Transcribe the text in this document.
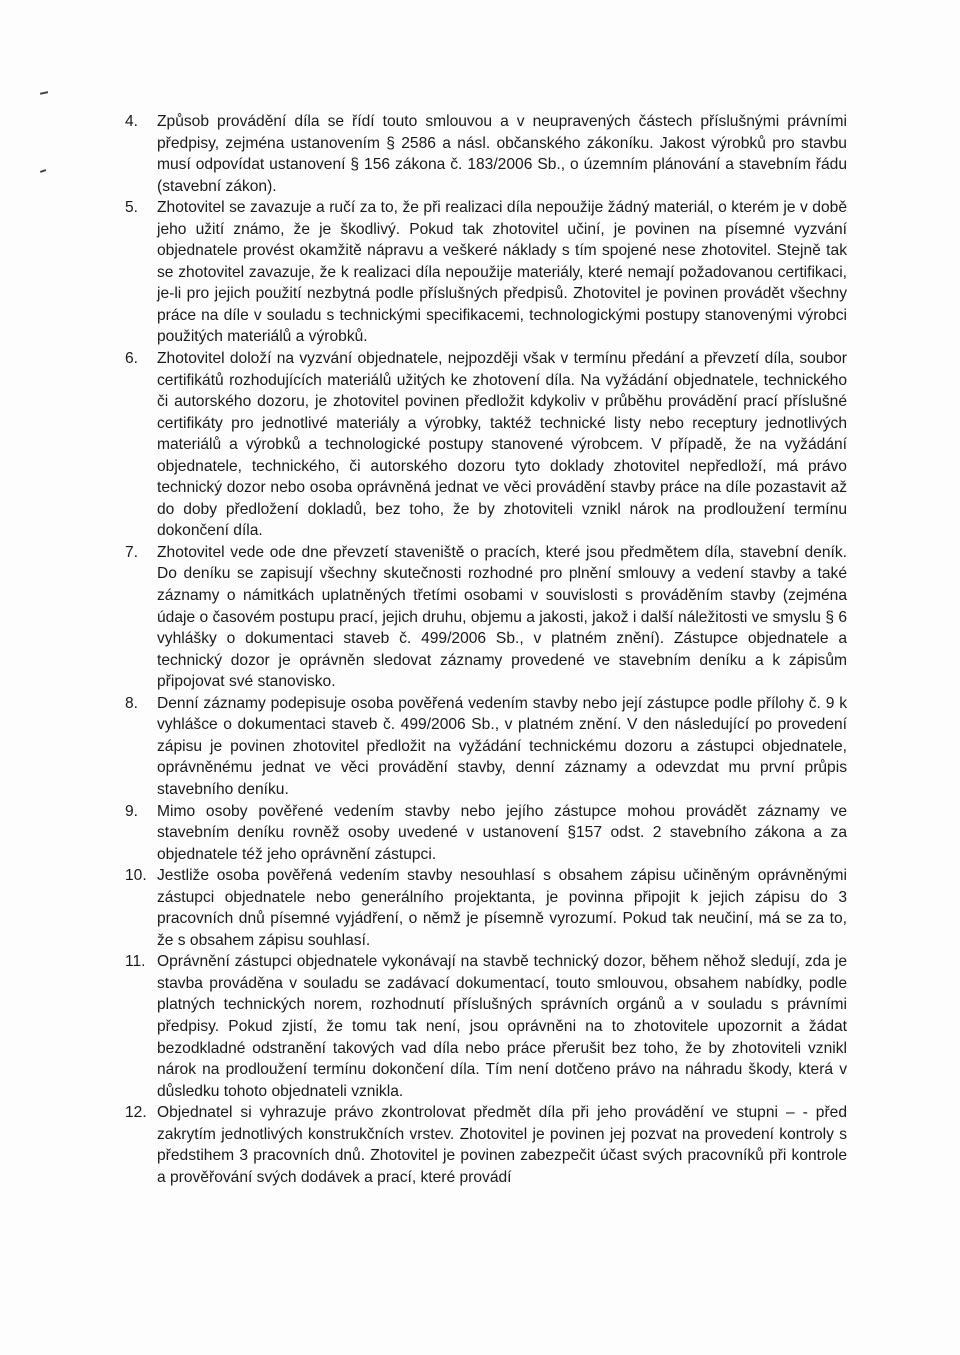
4. Způsob provádění díla se řídí touto smlouvou a v neupravených částech příslušnými právními předpisy, zejména ustanovením § 2586 a násl. občanského zákoníku. Jakost výrobků pro stavbu musí odpovídat ustanovení § 156 zákona č. 183/2006 Sb., o územním plánování a stavebním řádu (stavební zákon).
5. Zhotovitel se zavazuje a ručí za to, že při realizaci díla nepoužije žádný materiál, o kterém je v době jeho užití známo, že je škodlivý. Pokud tak zhotovitel učiní, je povinen na písemné vyzvání objednatele provést okamžitě nápravu a veškeré náklady s tím spojené nese zhotovitel. Stejně tak se zhotovitel zavazuje, že k realizaci díla nepoužije materiály, které nemají požadovanou certifikaci, je-li pro jejich použití nezbytná podle příslušných předpisů. Zhotovitel je povinen provádět všechny práce na díle v souladu s technickými specifikacemi, technologickými postupy stanovenými výrobci použitých materiálů a výrobků.
6. Zhotovitel doloží na vyzvání objednatele, nejpozději však v termínu předání a převzetí díla, soubor certifikátů rozhodujících materiálů užitých ke zhotovení díla. Na vyžádání objednatele, technického či autorského dozoru, je zhotovitel povinen předložit kdykoliv v průběhu provádění prací příslušné certifikáty pro jednotlivé materiály a výrobky, taktéž technické listy nebo receptury jednotlivých materiálů a výrobků a technologické postupy stanovené výrobcem. V případě, že na vyžádání objednatele, technického, či autorského dozoru tyto doklady zhotovitel nepředloží, má právo technický dozor nebo osoba oprávněná jednat ve věci provádění stavby práce na díle pozastavit až do doby předložení dokladů, bez toho, že by zhotoviteli vznikl nárok na prodloužení termínu dokončení díla.
7. Zhotovitel vede ode dne převzetí staveniště o pracích, které jsou předmětem díla, stavební deník. Do deníku se zapisují všechny skutečnosti rozhodné pro plnění smlouvy a vedení stavby a také záznamy o námitkách uplatněných třetími osobami v souvislosti s prováděním stavby (zejména údaje o časovém postupu prací, jejich druhu, objemu a jakosti, jakož i další náležitosti ve smyslu § 6 vyhlášky o dokumentaci staveb č. 499/2006 Sb., v platném znění). Zástupce objednatele a technický dozor je oprávněn sledovat záznamy provedené ve stavebním deníku a k zápisům připojovat své stanovisko.
8. Denní záznamy podepisuje osoba pověřená vedením stavby nebo její zástupce podle přílohy č. 9 k vyhlášce o dokumentaci staveb č. 499/2006 Sb., v platném znění. V den následující po provedení zápisu je povinen zhotovitel předložit na vyžádání technickému dozoru a zástupci objednatele, oprávněnému jednat ve věci provádění stavby, denní záznamy a odevzdat mu první průpis stavebního deníku.
9. Mimo osoby pověřené vedením stavby nebo jejího zástupce mohou provádět záznamy ve stavebním deníku rovněž osoby uvedené v ustanovení §157 odst. 2 stavebního zákona a za objednatele též jeho oprávnění zástupci.
10. Jestliže osoba pověřená vedením stavby nesouhlasí s obsahem zápisu učiněným oprávněnými zástupci objednatele nebo generálního projektanta, je povinna připojit k jejich zápisu do 3 pracovních dnů písemné vyjádření, o němž je písemně vyrozumí. Pokud tak neučiní, má se za to, že s obsahem zápisu souhlasí.
11. Oprávnění zástupci objednatele vykonávají na stavbě technický dozor, během něhož sledují, zda je stavba prováděna v souladu se zadávací dokumentací, touto smlouvou, obsahem nabídky, podle platných technických norem, rozhodnutí příslušných správních orgánů a v souladu s právními předpisy. Pokud zjistí, že tomu tak není, jsou oprávněni na to zhotovitele upozornit a žádat bezodkladné odstranění takových vad díla nebo práce přerušit bez toho, že by zhotoviteli vznikl nárok na prodloužení termínu dokončení díla. Tím není dotčeno právo na náhradu škody, která v důsledku tohoto objednateli vznikla.
12. Objednatel si vyhrazuje právo zkontrolovat předmět díla při jeho provádění ve stupni – - před zakrytím jednotlivých konstrukčních vrstev. Zhotovitel je povinen jej pozvat na provedení kontroly s předstihem 3 pracovních dnů. Zhotovitel je povinen zabezpečit účast svých pracovníků při kontrole a prověřování svých dodávek a prací, které provádí
